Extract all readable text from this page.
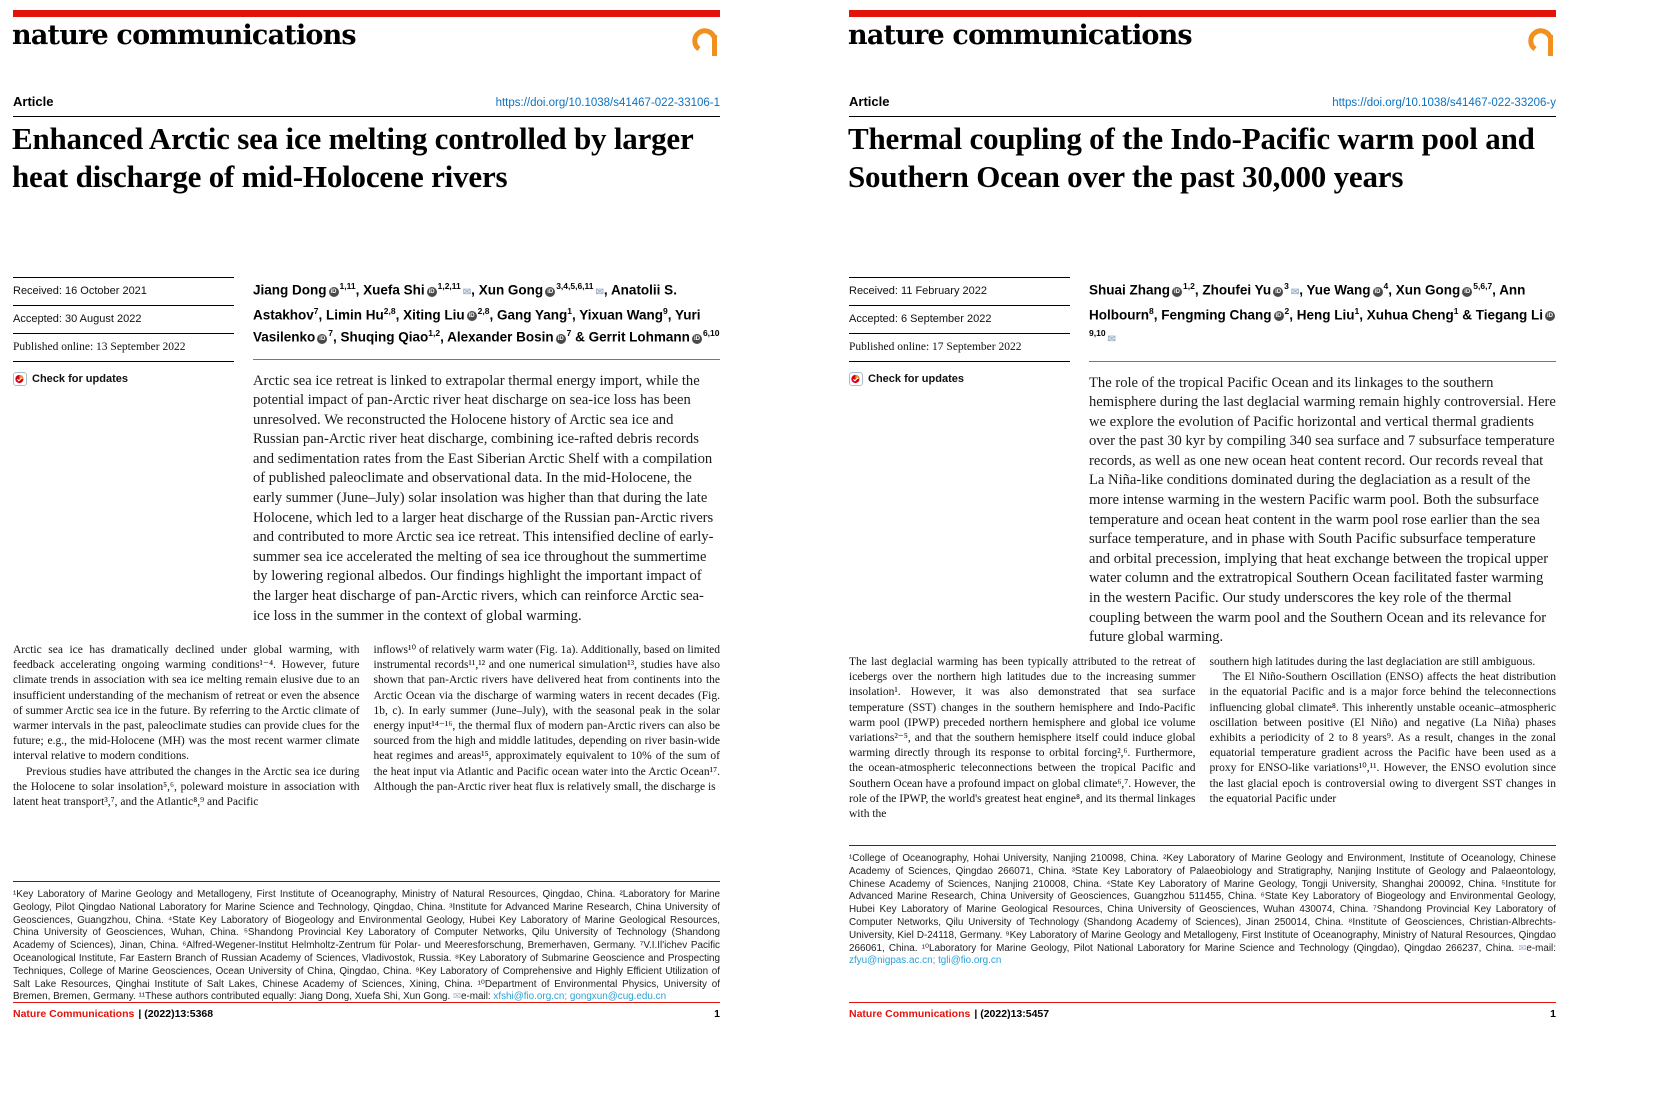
nature communications
Article	https://doi.org/10.1038/s41467-022-33106-1
Enhanced Arctic sea ice melting controlled by larger heat discharge of mid-Holocene rivers
Received: 16 October 2021
Accepted: 30 August 2022
Published online: 13 September 2022
Check for updates
Jiang Dong iD$^{1,11}$, Xuefa Shi iD$^{1,2,11}$✉, Xun Gong iD$^{3,4,5,6,11}$✉, Anatolii S. Astakhov$^7$, Limin Hu$^{2,8}$, Xiting Liu iD$^{2,8}$, Gang Yang$^1$, Yixuan Wang$^9$, Yuri Vasilenko $iD^7$, Shuqing Qiao$^{1,2}$, Alexander Bosin $iD^7$ & Gerrit Lohmann iD$^{6,10}$
Arctic sea ice retreat is linked to extrapolar thermal energy import, while the potential impact of pan-Arctic river heat discharge on sea-ice loss has been unresolved. We reconstructed the Holocene history of Arctic sea ice and Russian pan-Arctic river heat discharge, combining ice-rafted debris records and sedimentation rates from the East Siberian Arctic Shelf with a compilation of published paleoclimate and observational data. In the mid-Holocene, the early summer (June–July) solar insolation was higher than that during the late Holocene, which led to a larger heat discharge of the Russian pan-Arctic rivers and contributed to more Arctic sea ice retreat. This intensified decline of early-summer sea ice accelerated the melting of sea ice throughout the summertime by lowering regional albedos. Our findings highlight the important impact of the larger heat discharge of pan-Arctic rivers, which can reinforce Arctic sea-ice loss in the summer in the context of global warming.

Arctic sea ice has dramatically declined under global warming, with feedback accelerating ongoing warming conditions¹⁻⁴. However, future climate trends in association with sea ice melting remain elusive due to an insufficient understanding of the mechanism of retreat or even the absence of summer Arctic sea ice in the future. By referring to the Arctic climate of warmer intervals in the past, paleoclimate studies can provide clues for the future; e.g., the mid-Holocene (MH) was the most recent warmer climate interval relative to modern conditions.

Previous studies have attributed the changes in the Arctic sea ice during the Holocene to solar insolation⁵,⁶, poleward moisture in association with latent heat transport³,⁷, and the Atlantic⁸,⁹ and Pacific

inflows¹⁰ of relatively warm water (Fig. 1a). Additionally, based on limited instrumental records¹¹,¹² and one numerical simulation¹³, studies have also shown that pan-Arctic rivers have delivered heat from continents into the Arctic Ocean via the discharge of warming waters in recent decades (Fig. 1b, c). In early summer (June–July), with the seasonal peak in the solar energy input¹⁴⁻¹⁶, the thermal flux of modern pan-Arctic rivers can also be sourced from the high and middle latitudes, depending on river basin-wide heat regimes and areas¹⁵, approximately equivalent to 10% of the sum of the heat input via Atlantic and Pacific ocean water into the Arctic Ocean¹⁷. Although the pan-Arctic river heat flux is relatively small, the discharge is

¹Key Laboratory of Marine Geology and Metallogeny, First Institute of Oceanography, Ministry of Natural Resources, Qingdao, China. ²Laboratory for Marine Geology, Pilot Qingdao National Laboratory for Marine Science and Technology, Qingdao, China. ³Institute for Advanced Marine Research, China University of Geosciences, Guangzhou, China. ⁴State Key Laboratory of Biogeology and Environmental Geology, Hubei Key Laboratory of Marine Geological Resources, China University of Geosciences, Wuhan, China. ⁵Shandong Provincial Key Laboratory of Computer Networks, Qilu University of Technology (Shandong Academy of Sciences), Jinan, China. ⁶Alfred-Wegener-Institut Helmholtz-Zentrum für Polar- und Meeresforschung, Bremerhaven, Germany. ⁷V.I.Il'ichev Pacific Oceanological Institute, Far Eastern Branch of Russian Academy of Sciences, Vladivostok, Russia. ⁸Key Laboratory of Submarine Geoscience and Prospecting Techniques, College of Marine Geosciences, Ocean University of China, Qingdao, China. ⁹Key Laboratory of Comprehensive and Highly Efficient Utilization of Salt Lake Resources, Qinghai Institute of Salt Lakes, Chinese Academy of Sciences, Xining, China. ¹⁰Department of Environmental Physics, University of Bremen, Bremen, Germany. ¹¹These authors contributed equally: Jiang Dong, Xuefa Shi, Xun Gong. ✉e-mail: xfshi@fio.org.cn; gongxun@cug.edu.cn
Nature Communications | (2022)13:5368	1
nature communications
Article	https://doi.org/10.1038/s41467-022-33206-y
Thermal coupling of the Indo-Pacific warm pool and Southern Ocean over the past 30,000 years
Received: 11 February 2022
Accepted: 6 September 2022
Published online: 17 September 2022
Check for updates
Shuai Zhang iD$^{1,2}$, Zhoufei Yu $iD^3✉$, Yue Wang $iD^4$, Xun Gong iD$^{5,6,7}$, Ann Holbourn$^8$, Fengming Chang $iD^2$, Heng Liu$^1$, Xuhua Cheng$^1$ & Tiegang Li iD$^{9,10}$✉
The role of the tropical Pacific Ocean and its linkages to the southern hemisphere during the last deglacial warming remain highly controversial. Here we explore the evolution of Pacific horizontal and vertical thermal gradients over the past 30 kyr by compiling 340 sea surface and 7 subsurface temperature records, as well as one new ocean heat content record. Our records reveal that La Niña-like conditions dominated during the deglaciation as a result of the more intense warming in the western Pacific warm pool. Both the subsurface temperature and ocean heat content in the warm pool rose earlier than the sea surface temperature, and in phase with South Pacific subsurface temperature and orbital precession, implying that heat exchange between the tropical upper water column and the extratropical Southern Ocean facilitated faster warming in the western Pacific. Our study underscores the key role of the thermal coupling between the warm pool and the Southern Ocean and its relevance for future global warming.

The last deglacial warming has been typically attributed to the retreat of icebergs over the northern high latitudes due to the increasing summer insolation¹. However, it was also demonstrated that sea surface temperature (SST) changes in the southern hemisphere and Indo-Pacific warm pool (IPWP) preceded northern hemisphere and global ice volume variations²⁻⁵, and that the southern hemisphere itself could induce global warming directly through its response to orbital forcing²,⁶. Furthermore, the ocean-atmospheric teleconnections between the tropical Pacific and Southern Ocean have a profound impact on global climate⁶,⁷. However, the role of the IPWP, the world's greatest heat engine⁸, and its thermal linkages with the

southern high latitudes during the last deglaciation are still ambiguous.

The El Niño-Southern Oscillation (ENSO) affects the heat distribution in the equatorial Pacific and is a major force behind the teleconnections influencing global climate⁸. This inherently unstable oceanic–atmospheric oscillation between positive (El Niño) and negative (La Niña) phases exhibits a periodicity of 2 to 8 years⁹. As a result, changes in the zonal equatorial temperature gradient across the Pacific have been used as a proxy for ENSO-like variations¹⁰,¹¹. However, the ENSO evolution since the last glacial epoch is controversial owing to divergent SST changes in the equatorial Pacific under

¹College of Oceanography, Hohai University, Nanjing 210098, China. ²Key Laboratory of Marine Geology and Environment, Institute of Oceanology, Chinese Academy of Sciences, Qingdao 266071, China. ³State Key Laboratory of Palaeobiology and Stratigraphy, Nanjing Institute of Geology and Palaeontology, Chinese Academy of Sciences, Nanjing 210008, China. ⁴State Key Laboratory of Marine Geology, Tongji University, Shanghai 200092, China. ⁵Institute for Advanced Marine Research, China University of Geosciences, Guangzhou 511455, China. ⁶State Key Laboratory of Biogeology and Environmental Geology, Hubei Key Laboratory of Marine Geological Resources, China University of Geosciences, Wuhan 430074, China. ⁷Shandong Provincial Key Laboratory of Computer Networks, Qilu University of Technology (Shandong Academy of Sciences), Jinan 250014, China. ⁸Institute of Geosciences, Christian-Albrechts-University, Kiel D-24118, Germany. ⁹Key Laboratory of Marine Geology and Metallogeny, First Institute of Oceanography, Ministry of Natural Resources, Qingdao 266061, China. ¹⁰Laboratory for Marine Geology, Pilot National Laboratory for Marine Science and Technology (Qingdao), Qingdao 266237, China. ✉e-mail: zfyu@nigpas.ac.cn; tgli@fio.org.cn
Nature Communications | (2022)13:5457	1
